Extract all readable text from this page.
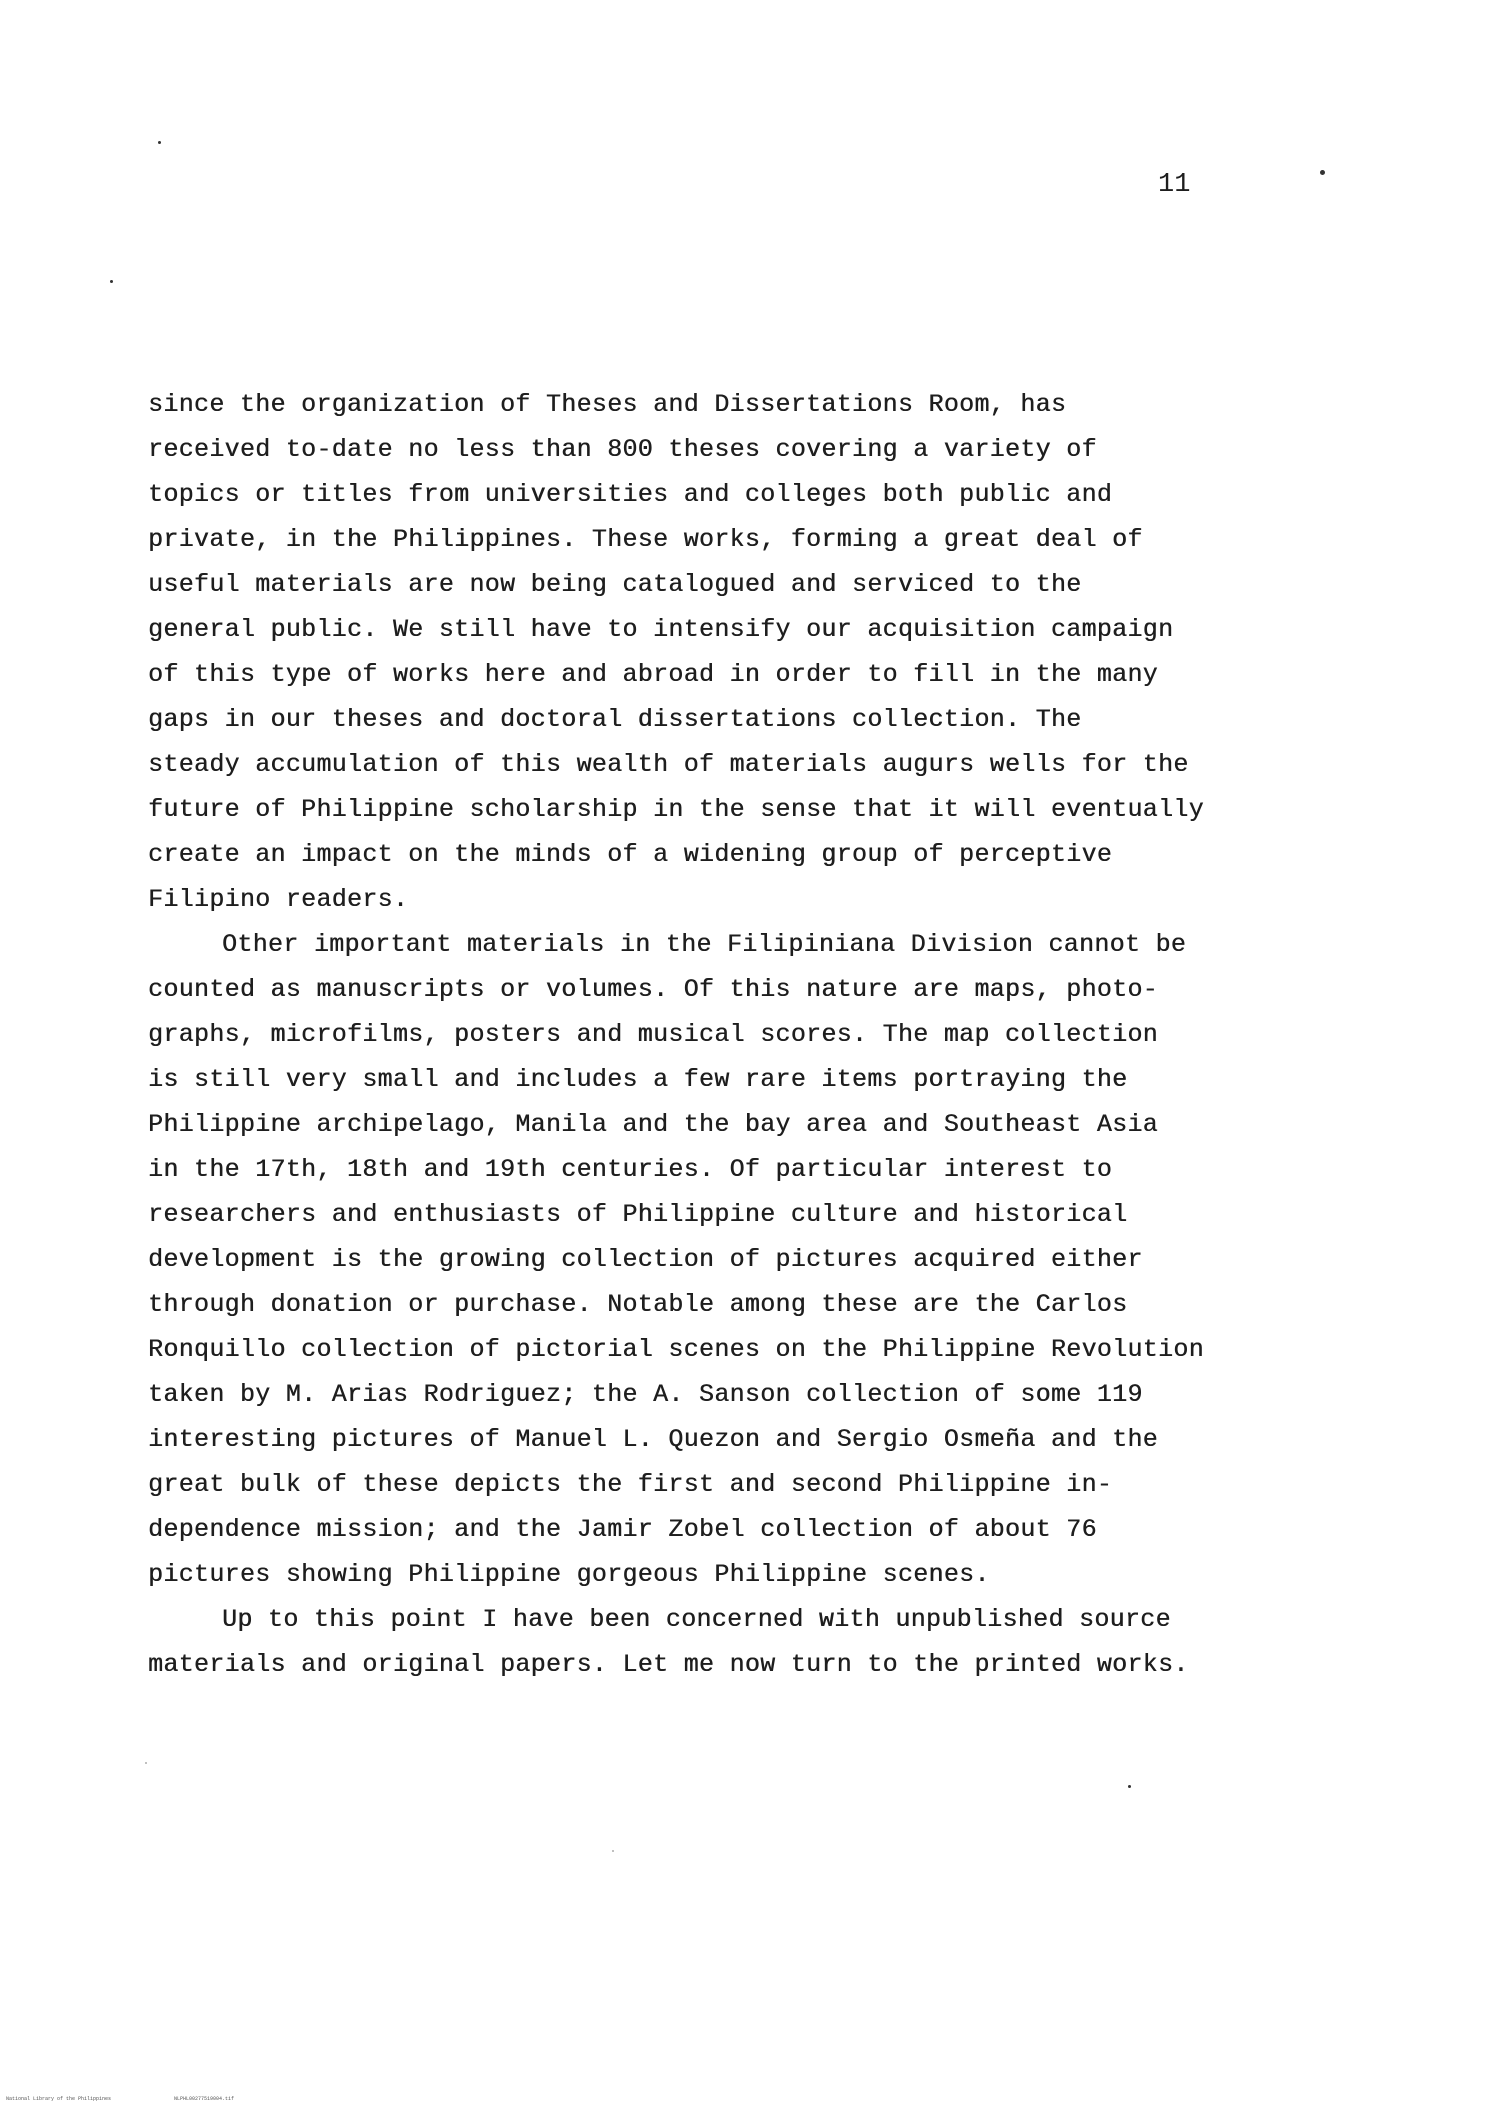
11
since the organization of Theses and Dissertations Room, has
received to-date no less than 800 theses covering a variety of
topics or titles from universities and colleges both public and
private, in the Philippines. These works, forming a great deal of
useful materials are now being catalogued and serviced to the
general public. We still have to intensify our acquisition campaign
of this type of works here and abroad in order to fill in the many
gaps in our theses and doctoral dissertations collection. The
steady accumulation of this wealth of materials augurs wells for the
future of Philippine scholarship in the sense that it will eventually
create an impact on the minds of a widening group of perceptive
Filipino readers.
Other important materials in the Filipiniana Division cannot be
counted as manuscripts or volumes. Of this nature are maps, photo-
graphs, microfilms, posters and musical scores. The map collection
is still very small and includes a few rare items portraying the
Philippine archipelago, Manila and the bay area and Southeast Asia
in the 17th, 18th and 19th centuries. Of particular interest to
researchers and enthusiasts of Philippine culture and historical
development is the growing collection of pictures acquired either
through donation or purchase. Notable among these are the Carlos
Ronquillo collection of pictorial scenes on the Philippine Revolution
taken by M. Arias Rodriguez; the A. Sanson collection of some 119
interesting pictures of Manuel L. Quezon and Sergio Osmeña and the
great bulk of these depicts the first and second Philippine in-
dependence mission; and the Jamir Zobel collection of about 76
pictures showing Philippine gorgeous Philippine scenes.
Up to this point I have been concerned with unpublished source
materials and original papers. Let me now turn to the printed works.
National Library of the Philippines	NLPHL00277519004.tif
